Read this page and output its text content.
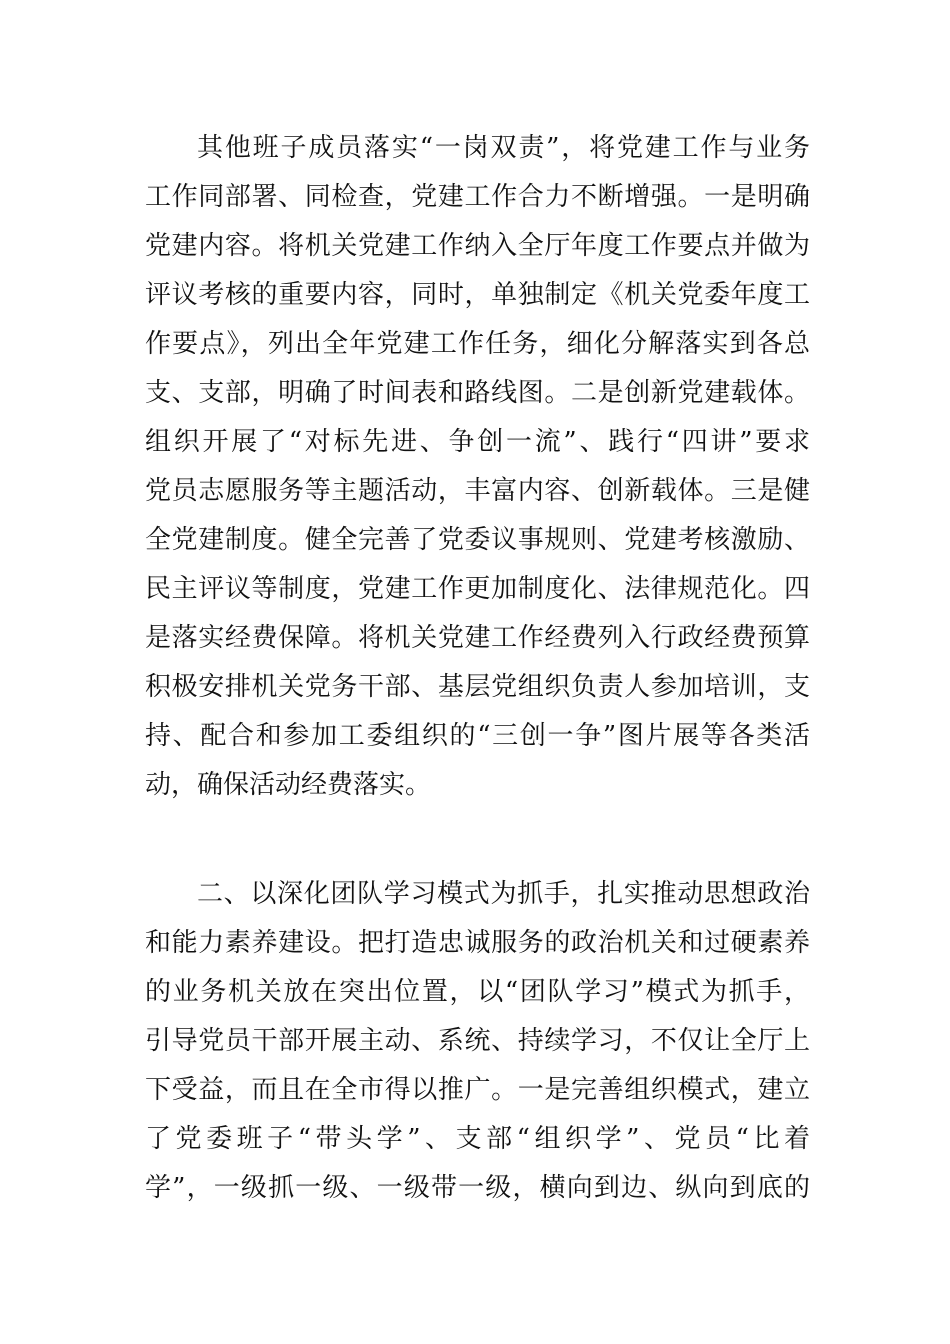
其他班子成员落实“一岗双责”，将党建工作与业务
工作同部署、同检查，党建工作合力不断增强。一是明确
党建内容。将机关党建工作纳入全厅年度工作要点并做为
评议考核的重要内容，同时，单独制定《机关党委年度工
作要点》，列出全年党建工作任务，细化分解落实到各总
支、支部，明确了时间表和路线图。二是创新党建载体。
组织开展了“对标先进、争创一流”、践行“四讲”要求
党员志愿服务等主题活动，丰富内容、创新载体。三是健
全党建制度。健全完善了党委议事规则、党建考核激励、
民主评议等制度，党建工作更加制度化、法律规范化。四
是落实经费保障。将机关党建工作经费列入行政经费预算
积极安排机关党务干部、基层党组织负责人参加培训，支
持、配合和参加工委组织的“三创一争”图片展等各类活
动，确保活动经费落实。
二、以深化团队学习模式为抓手，扎实推动思想政治
和能力素养建设。把打造忠诚服务的政治机关和过硬素养
的业务机关放在突出位置，以“团队学习”模式为抓手，
引导党员干部开展主动、系统、持续学习，不仅让全厅上
下受益，而且在全市得以推广。一是完善组织模式，建立
了党委班子“带头学”、支部“组织学”、党员“比着
学”，一级抓一级、一级带一级，横向到边、纵向到底的
